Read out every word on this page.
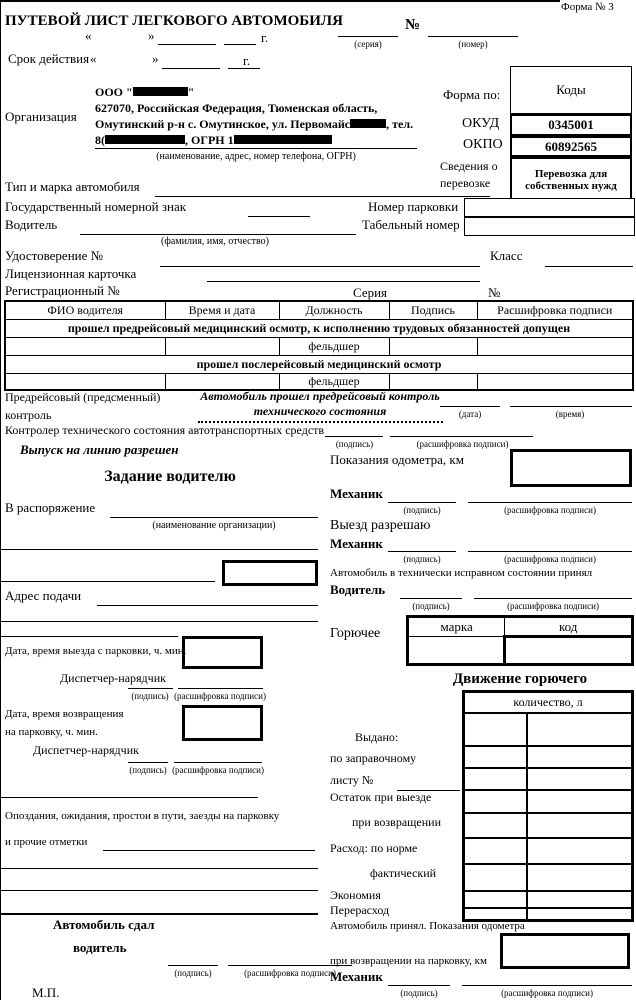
Форма № 3
ПУТЕВОЙ ЛИСТ ЛЕГКОВОГО АВТОМОБИЛЯ
(серия)
№
(номер)
«	»	г.
Срок действия «	»	г.
Организация
ООО "	"
627070, Российская Федерация, Тюменская область,
Омутинский р-н с. Омутинское, ул. Первомайс	, тел.
8(	, ОГРН 1
(наименование, адрес, номер телефона, ОГРН)
Форма по:	Коды
ОКУД	0345001
ОКПО	60892565
Сведения о
перевозке
Перевозка для собственных нужд
Тип и марка автомобиля
Государственный номерной знак	Номер парковки
Водитель	Табельный номер
(фамилия, имя, отчество)
Удостоверение №	Класс
Лицензионная карточка
Регистрационный №	Серия	№
ФИО водителя	Время и дата	Должность	Подпись	Расшифровка подписи
прошел предрейсовый медицинский осмотр, к исполнению трудовых обязанностей допущен				
		фельдшер		
прошел послерейсовый медицинский осмотр				
		фельдшер		
Предрейсовый (предсменный)
контроль
Автомобиль прошел предрейсовый контроль
технического состояния	(дата)	(время)
Контролер технического состояния автотранспортных средств
(подпись)	(расшифровка подписи)
Выпуск на линию разрешен
Задание водителю
В распоряжение
(наименование организации)
Адрес подачи
Дата, время выезда с парковки, ч. мин.
Диспетчер-нарядчик
(подпись) (расшифровка подписи)
Дата, время возвращения
на парковку, ч. мин.
Диспетчер-нарядчик
(подпись) (расшифровка подписи)
Опоздания, ожидания, простои в пути, заезды на парковку
и прочие отметки
Автомобиль сдал
водитель
(подпись)	(расшифровка подписи)
М.П.
Показания одометра, км
Механик
(подпись)	(расшифровка подписи)
Выезд разрешаю
Механик
(подпись)	(расшифровка подписи)
Автомобиль в технически исправном состоянии принял
Водитель
(подпись)	(расшифровка подписи)
Горючее	марка	код

Движение горючего
количество, л	

Выдано:
по заправочному
листу №
Остаток при выезде
при возвращении
Расход: по норме
фактический
Экономия
Перерасход
Автомобиль принял. Показания одометра
при возвращении на парковку, км
Механик
(подпись)	(расшифровка подписи)
